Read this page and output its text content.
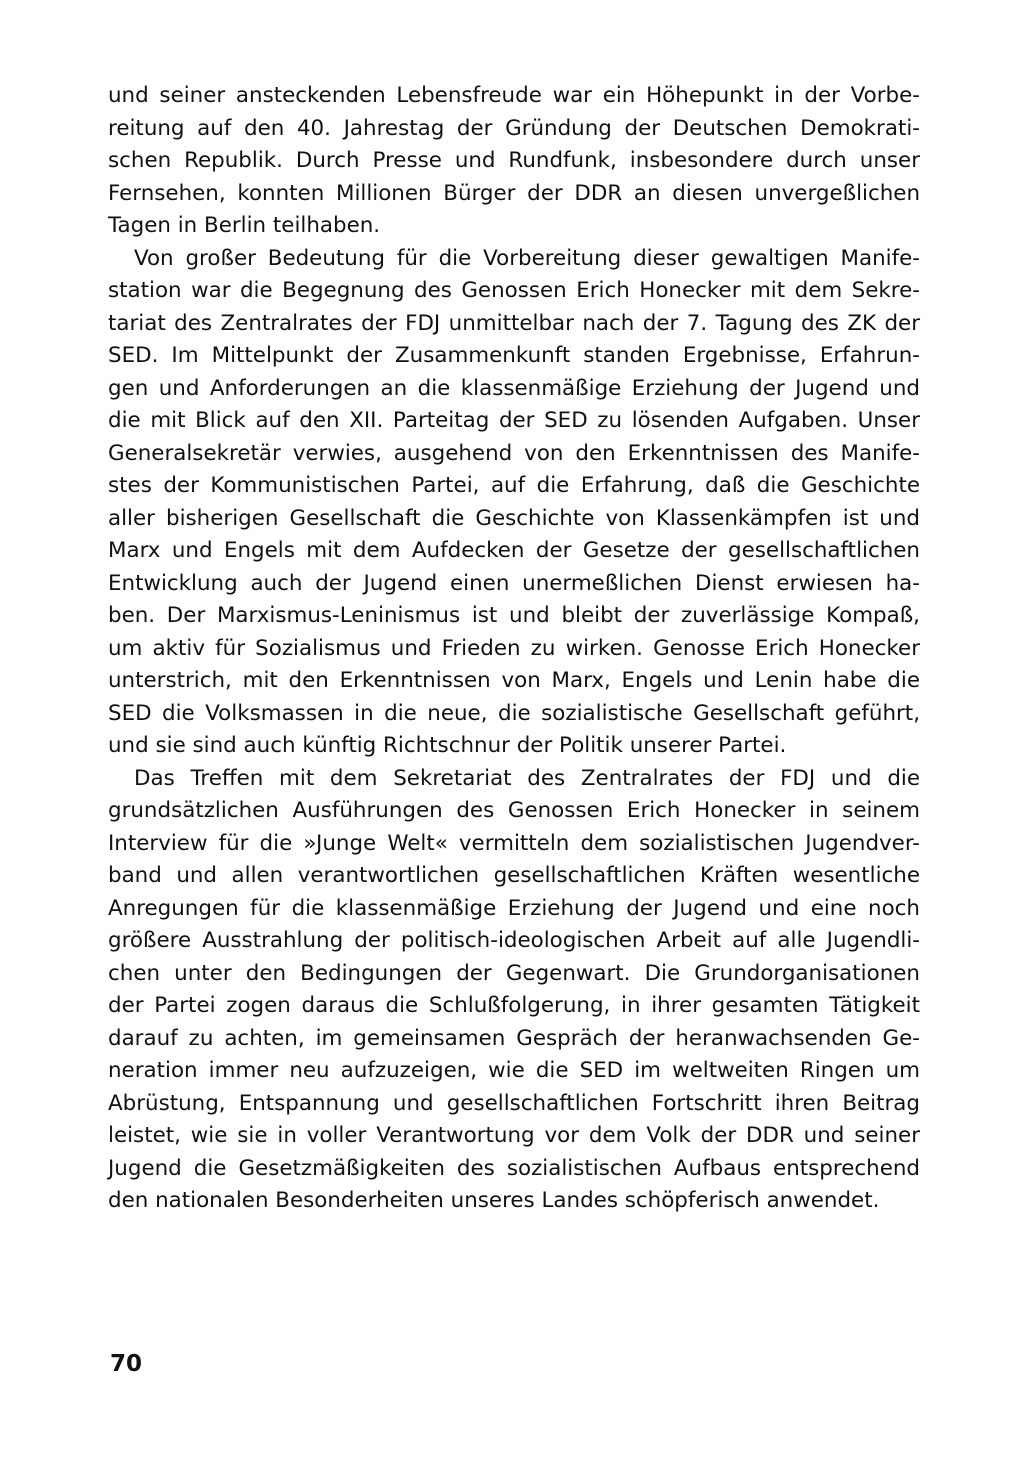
und seiner ansteckenden Lebensfreude war ein Höhepunkt in der Vorbe-
reitung auf den 40. Jahrestag der Gründung der Deutschen Demokrati-
schen Republik. Durch Presse und Rundfunk, insbesondere durch unser
Fernsehen, konnten Millionen Bürger der DDR an diesen unvergeßlichen
Tagen in Berlin teilhaben.
Von großer Bedeutung für die Vorbereitung dieser gewaltigen Manife-
station war die Begegnung des Genossen Erich Honecker mit dem Sekre-
tariat des Zentralrates der FDJ unmittelbar nach der 7. Tagung des ZK der
SED. Im Mittelpunkt der Zusammenkunft standen Ergebnisse, Erfahrun-
gen und Anforderungen an die klassenmäßige Erziehung der Jugend und
die mit Blick auf den XII. Parteitag der SED zu lösenden Aufgaben. Unser
Generalsekretär verwies, ausgehend von den Erkenntnissen des Manife-
stes der Kommunistischen Partei, auf die Erfahrung, daß die Geschichte
aller bisherigen Gesellschaft die Geschichte von Klassenkämpfen ist und
Marx und Engels mit dem Aufdecken der Gesetze der gesellschaftlichen
Entwicklung auch der Jugend einen unermeßlichen Dienst erwiesen ha-
ben. Der Marxismus-Leninismus ist und bleibt der zuverlässige Kompaß,
um aktiv für Sozialismus und Frieden zu wirken. Genosse Erich Honecker
unterstrich, mit den Erkenntnissen von Marx, Engels und Lenin habe die
SED die Volksmassen in die neue, die sozialistische Gesellschaft geführt,
und sie sind auch künftig Richtschnur der Politik unserer Partei.
Das Treffen mit dem Sekretariat des Zentralrates der FDJ und die
grundsätzlichen Ausführungen des Genossen Erich Honecker in seinem
Interview für die »Junge Welt« vermitteln dem sozialistischen Jugendver-
band und allen verantwortlichen gesellschaftlichen Kräften wesentliche
Anregungen für die klassenmäßige Erziehung der Jugend und eine noch
größere Ausstrahlung der politisch-ideologischen Arbeit auf alle Jugendli-
chen unter den Bedingungen der Gegenwart. Die Grundorganisationen
der Partei zogen daraus die Schlußfolgerung, in ihrer gesamten Tätigkeit
darauf zu achten, im gemeinsamen Gespräch der heranwachsenden Ge-
neration immer neu aufzuzeigen, wie die SED im weltweiten Ringen um
Abrüstung, Entspannung und gesellschaftlichen Fortschritt ihren Beitrag
leistet, wie sie in voller Verantwortung vor dem Volk der DDR und seiner
Jugend die Gesetzmäßigkeiten des sozialistischen Aufbaus entsprechend
den nationalen Besonderheiten unseres Landes schöpferisch anwendet.
70
